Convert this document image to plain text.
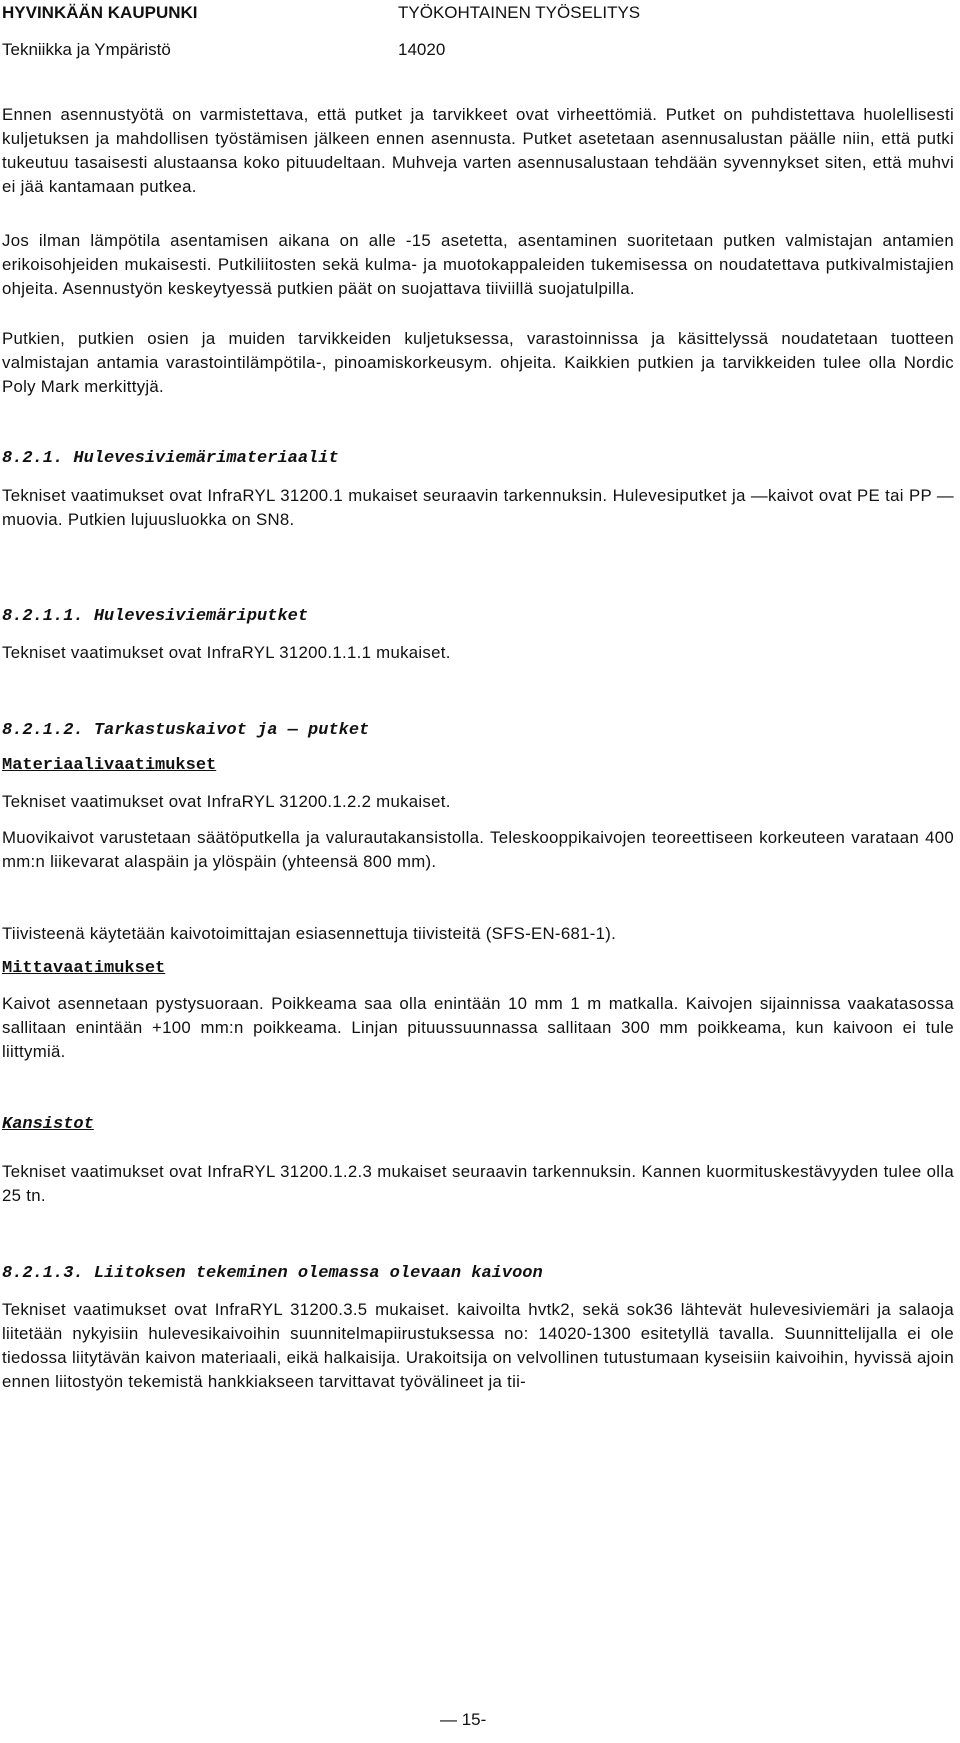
HYVINKÄÄN KAUPUNKI	TYÖKOHTAINEN TYÖSELITYS
Tekniikka ja Ympäristö	14020

Ennen asennustyötä on varmistettava, että putket ja tarvikkeet ovat virheettömiä. Putket on puhdistettava huolellisesti kuljetuksen ja mahdollisen työstämisen jälkeen ennen asennusta. Putket asetetaan asennusalustan päälle niin, että putki tukeutuu tasaisesti alustaansa koko pituudeltaan. Muhveja varten asennusalustaan tehdään syvennykset siten, että muhvi ei jää kantamaan putkea.

Jos ilman lämpötila asentamisen aikana on alle -15 asetetta, asentaminen suoritetaan putken valmistajan antamien erikoisohjeiden mukaisesti. Putkiliitosten sekä kulma- ja muotokappaleiden tukemisessa on noudatettava putkivalmistajien ohjeita. Asennustyön keskeytyessä putkien päät on suojattava tiiviillä suojatulpilla.

Putkien, putkien osien ja muiden tarvikkeiden kuljetuksessa, varastoinnissa ja käsittelyssä noudatetaan tuotteen valmistajan antamia varastointilämpötila-, pinoamiskorkeusym. ohjeita. Kaikkien putkien ja tarvikkeiden tulee olla Nordic Poly Mark merkittyjä.

8.2.1. Hulevesiviemärimateriaalit

Tekniset vaatimukset ovat InfraRYL 31200.1 mukaiset seuraavin tarkennuksin. Hulevesiputket ja —kaivot ovat PE tai PP —muovia. Putkien lujuusluokka on SN8.

8.2.1.1. Hulevesiviemäriputket

Tekniset vaatimukset ovat InfraRYL 31200.1.1.1 mukaiset.

8.2.1.2. Tarkastuskaivot ja — putket
Materiaalivaatimukset

Tekniset vaatimukset ovat InfraRYL 31200.1.2.2 mukaiset.

Muovikaivot varustetaan säätöputkella ja valurautakansistolla. Teleskooppikaivojen teoreettiseen korkeuteen varataan 400 mm:n liikevarat alaspäin ja ylöspäin (yhteensä 800 mm).

Tiivisteenä käytetään kaivotoimittajan esiasennettuja tiivisteitä (SFS-EN-681-1).

Mittavaatimukset

Kaivot asennetaan pystysuoraan. Poikkeama saa olla enintään 10 mm 1 m matkalla. Kaivojen sijainnissa vaakatasossa sallitaan enintään +100 mm:n poikkeama. Linjan pituussuunnassa sallitaan 300 mm poikkeama, kun kaivoon ei tule liittymiä.

Kansistot

Tekniset vaatimukset ovat InfraRYL 31200.1.2.3 mukaiset seuraavin tarkennuksin. Kannen kuormitusk​estävyyden tulee olla 25 tn.

8.2.1.3. Liitoksen tekeminen olemassa olevaan kaivoon

Tekniset vaatimukset ovat InfraRYL 31200.3.5 mukaiset. kaivoilta hvtk2, sekä sok36 lähtevät hulevesiviemäri ja salaoja liitetään nykyisiin hulevesikaivoihin suunnitelmapiirustuksessa no: 14020-1300 esitetyllä tavalla. Suunnittelijalla ei ole tiedossa liitytävän kaivon materiaali, eikä halkaisija. Urakoitsija on velvollinen tutustumaan kyseisiin kaivoihin, hyvissä ajoin ennen liitostyön tekemistä hankkiakseen tarvittavat työvälineet ja tii-

— 15-
